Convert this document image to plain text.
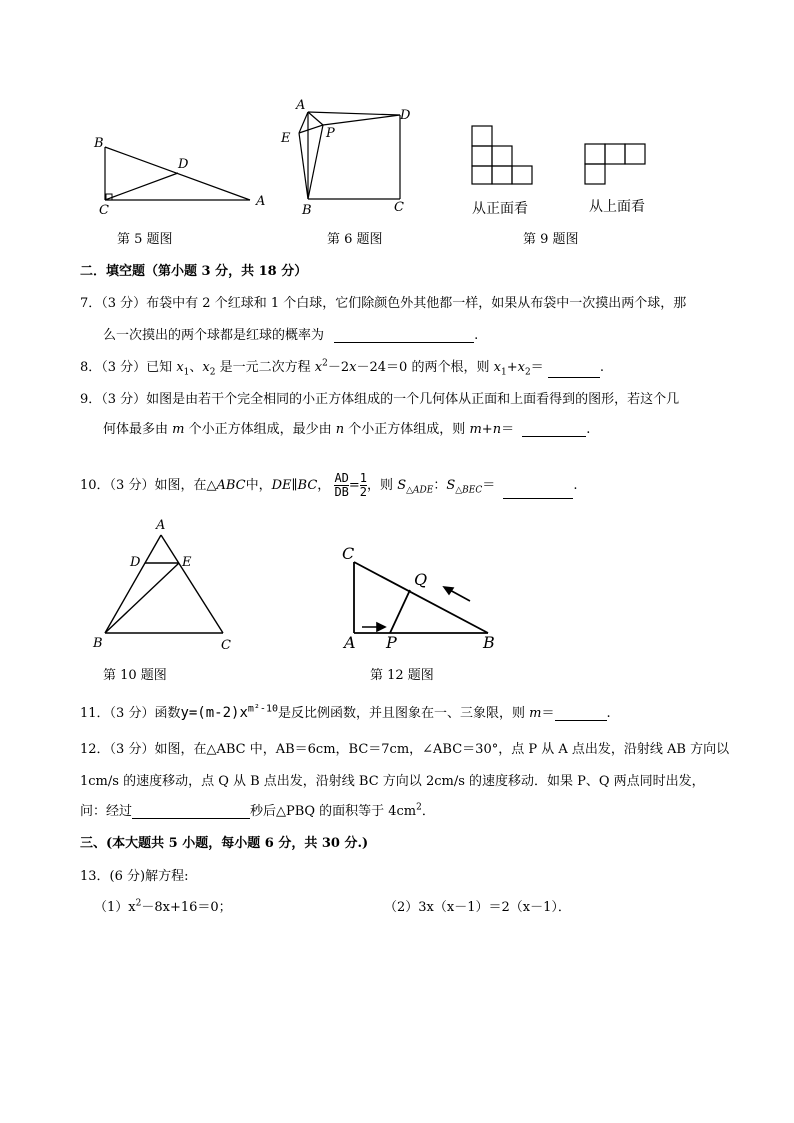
B
C
D
A
第 5 题图
A
D
E	P
B	C
第 6 题图
从正面看	从上面看
第 9 题图
二．填空题（第小题 3 分，共 18 分）
7．（3 分）布袋中有 2 个红球和 1 个白球，它们除颜色外其他都一样，如果从布袋中一次摸出两个球，那
么一次摸出的两个球都是红球的概率为	.
8．（3 分）已知 $x_1$、$x_2$ 是一元二次方程 $x^2-2x-24=0$ 的两个根，则 $x_1+x_2=$	.
9．（3 分）如图是由若干个完全相同的小正方体组成的一个几何体从正面和上面看得到的图形，若这个几
何体最多由 m 个小正方体组成，最少由 n 个小正方体组成，则 m+n＝	.
10．（3 分）如图，在△ABC中，DE∥BC， $\frac{AD}{DB} = \frac{1}{2}$ ，则 $S_{\triangle ADE}$：$S_{\triangle BEC}=$	.
A
D	E
B	C
第 10 题图
C
Q
A P	B
第 12 题图
11．（3 分）函数$y=(m-2)x^{m^2-10}$是反比例函数，并且图象在一、三象限，则 m＝	.
12．（3 分）如图，在△ABC 中，AB＝6cm，BC＝7cm，∠ABC＝30°，点 P 从 A 点出发，沿射线 AB 方向以
1cm/s 的速度移动，点 Q 从 B 点出发，沿射线 BC 方向以 2cm/s 的速度移动．如果 P、Q 两点同时出发，
问：经过	秒后△PBQ 的面积等于 $4cm^2$．
三、(本大题共 5 小题，每小题 6 分，共 30 分.)
13．(6 分)解方程:
$(1)x^2-8x+16=0$；	（2）3x（x－1）＝2（x－1）．
